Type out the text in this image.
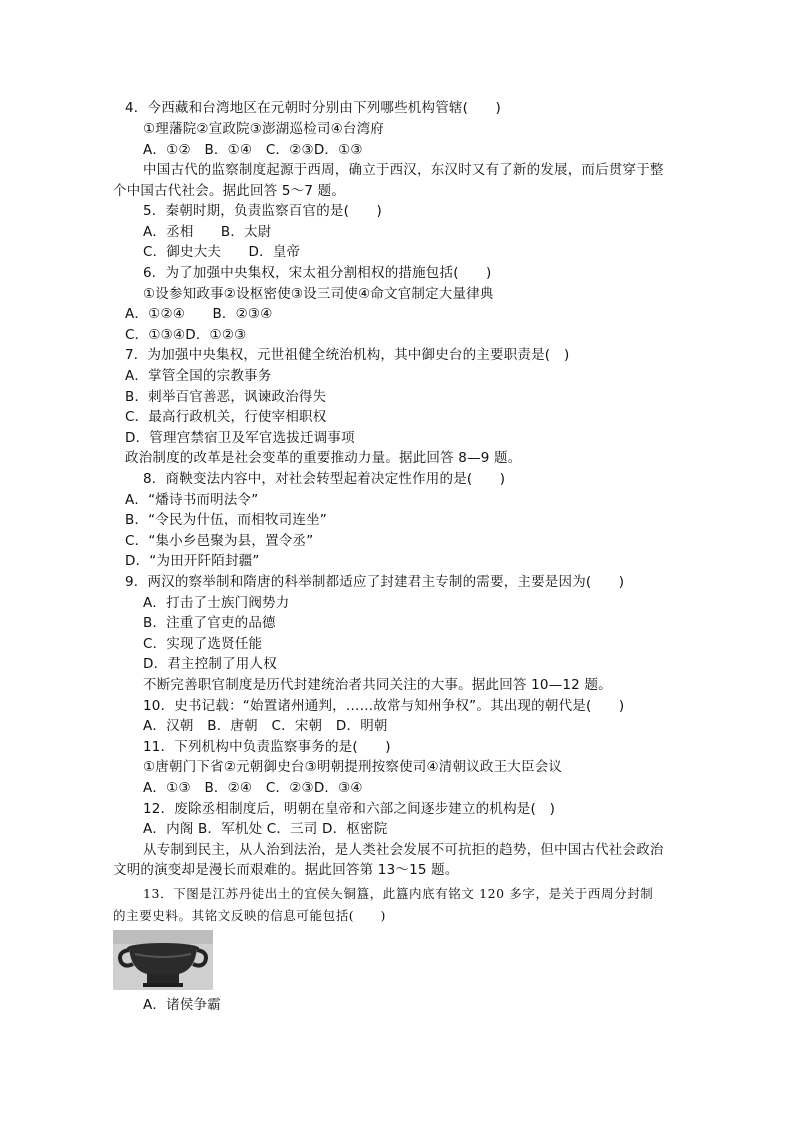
4．今西藏和台湾地区在元朝时分别由下列哪些机构管辖(　　)
①理藩院②宣政院③澎湖巡检司④台湾府
A．①②　B．①④　C．②③D．①③
中国古代的监察制度起源于西周，确立于西汉，东汉时又有了新的发展，而后贯穿于整
个中国古代社会。据此回答 5～7 题。
5．秦朝时期，负责监察百官的是(　　)
A．丞相　　B．太尉
C．御史大夫　　D．皇帝
6．为了加强中央集权，宋太祖分割相权的措施包括(　　)
①设参知政事②设枢密使③设三司使④命文官制定大量律典
A．①②④　　B．②③④
C．①③④D．①②③
7．为加强中央集权，元世祖健全统治机构，其中御史台的主要职责是(　)
A．掌管全国的宗教事务
B．刺举百官善恶，讽谏政治得失
C．最高行政机关，行使宰相职权
D．管理宫禁宿卫及军官选拔迁调事项
政治制度的改革是社会变革的重要推动力量。据此回答 8—9 题。
8．商鞅变法内容中，对社会转型起着决定性作用的是(　　)
A．“燔诗书而明法令”
B．“令民为什伍，而相牧司连坐”
C．“集小乡邑聚为县，置令丞”
D．“为田开阡陌封疆”
9．两汉的察举制和隋唐的科举制都适应了封建君主专制的需要，主要是因为(　　)
A．打击了士族门阀势力
B．注重了官吏的品德
C．实现了选贤任能
D．君主控制了用人权
不断完善职官制度是历代封建统治者共同关注的大事。据此回答 10—12 题。
10．史书记载：“始置诸州通判，……故常与知州争权”。其出现的朝代是(　　)
A．汉朝　B．唐朝　C．宋朝　D．明朝
11．下列机构中负责监察事务的是(　　)
①唐朝门下省②元朝御史台③明朝提刑按察使司④清朝议政王大臣会议
A．①③　B．②④　C．②③D．③④
12．废除丞相制度后，明朝在皇帝和六部之间逐步建立的机构是(　)
A．内阁 B．军机处 C．三司 D．枢密院
从专制到民主，从人治到法治，是人类社会发展不可抗拒的趋势，但中国古代社会政治
文明的演变却是漫长而艰难的。据此回答第 13～15 题。
13．下图是江苏丹徒出土的宜侯夨铜簋，此簋内底有铭文 120 多字，是关于西周分封制
的主要史料。其铭文反映的信息可能包括(　　)
A．诸侯争霸
